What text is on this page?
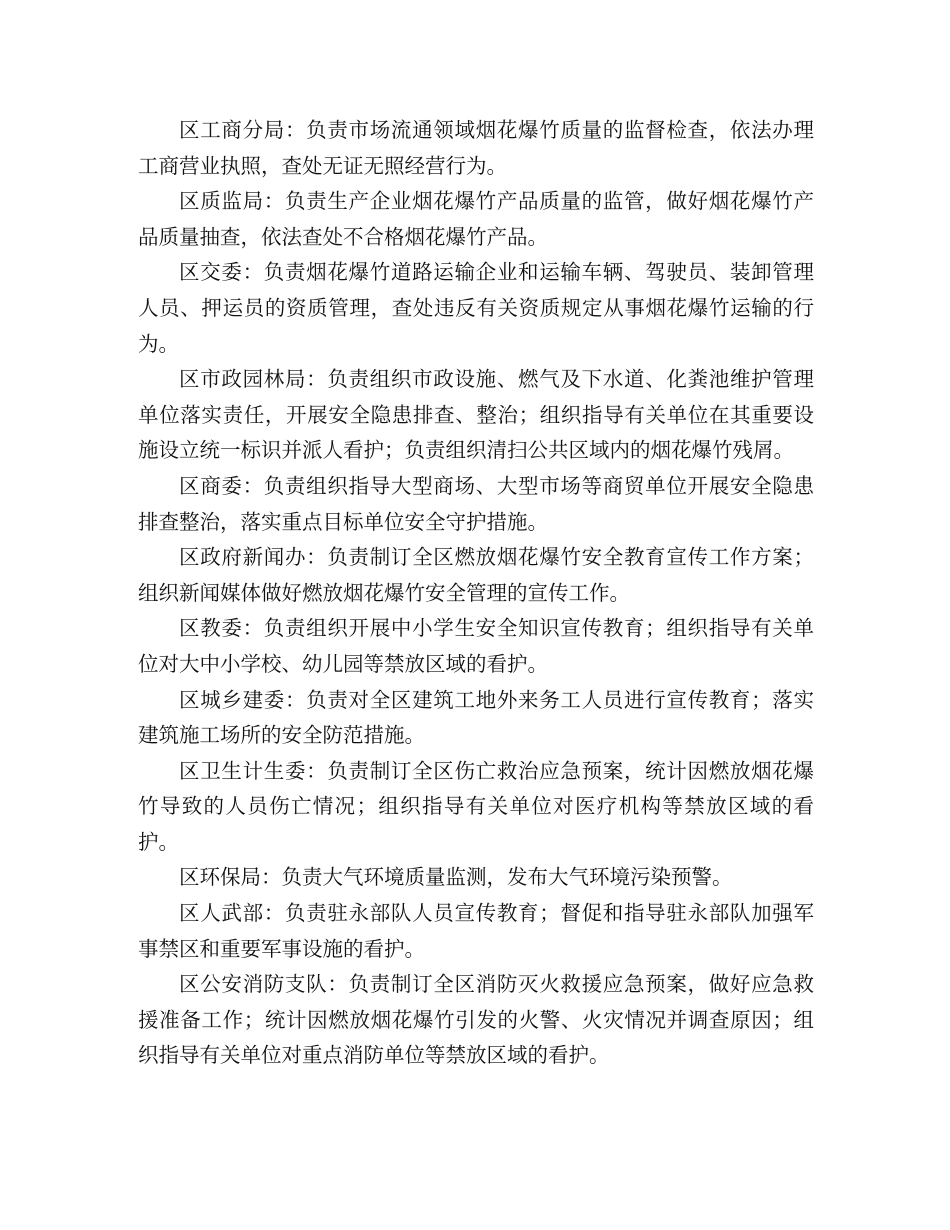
区工商分局：负责市场流通领域烟花爆竹质量的监督检查，依法办理工商营业执照，查处无证无照经营行为。

区质监局：负责生产企业烟花爆竹产品质量的监管，做好烟花爆竹产品质量抽查，依法查处不合格烟花爆竹产品。

区交委：负责烟花爆竹道路运输企业和运输车辆、驾驶员、装卸管理人员、押运员的资质管理，查处违反有关资质规定从事烟花爆竹运输的行为。

区市政园林局：负责组织市政设施、燃气及下水道、化粪池维护管理单位落实责任，开展安全隐患排查、整治；组织指导有关单位在其重要设施设立统一标识并派人看护；负责组织清扫公共区域内的烟花爆竹残屑。

区商委：负责组织指导大型商场、大型市场等商贸单位开展安全隐患排查整治，落实重点目标单位安全守护措施。

区政府新闻办：负责制订全区燃放烟花爆竹安全教育宣传工作方案；组织新闻媒体做好燃放烟花爆竹安全管理的宣传工作。

区教委：负责组织开展中小学生安全知识宣传教育；组织指导有关单位对大中小学校、幼儿园等禁放区域的看护。

区城乡建委：负责对全区建筑工地外来务工人员进行宣传教育；落实建筑施工场所的安全防范措施。

区卫生计生委：负责制订全区伤亡救治应急预案，统计因燃放烟花爆竹导致的人员伤亡情况；组织指导有关单位对医疗机构等禁放区域的看护。

区环保局：负责大气环境质量监测，发布大气环境污染预警。

区人武部：负责驻永部队人员宣传教育；督促和指导驻永部队加强军事禁区和重要军事设施的看护。

区公安消防支队：负责制订全区消防灭火救援应急预案，做好应急救援准备工作；统计因燃放烟花爆竹引发的火警、火灾情况并调查原因；组织指导有关单位对重点消防单位等禁放区域的看护。
